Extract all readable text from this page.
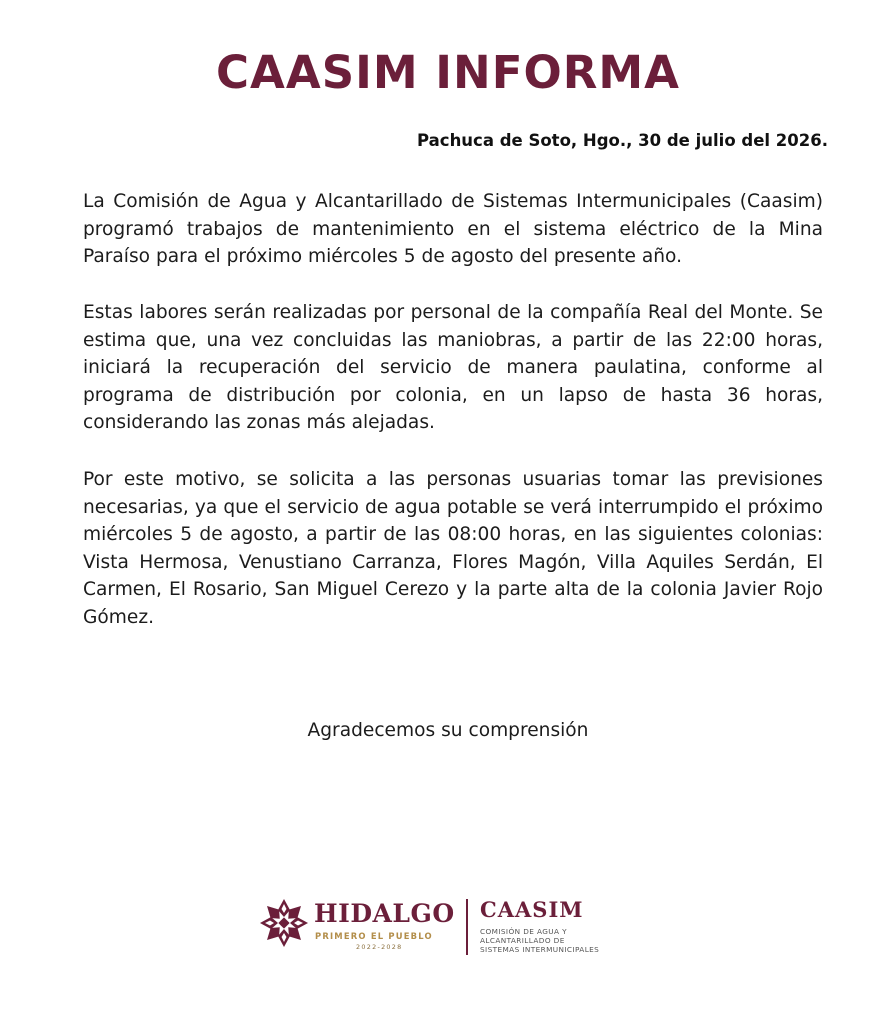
CAASIM INFORMA

Pachuca de Soto, Hgo., 30 de julio del 2026.

La Comisión de Agua y Alcantarillado de Sistemas Intermunicipales (Caasim) programó trabajos de mantenimiento en el sistema eléctrico de la Mina Paraíso para el próximo miércoles 5 de agosto del presente año.

Estas labores serán realizadas por personal de la compañía Real del Monte. Se estima que, una vez concluidas las maniobras, a partir de las 22:00 horas, iniciará la recuperación del servicio de manera paulatina, conforme al programa de distribución por colonia, en un lapso de hasta 36 horas, considerando las zonas más alejadas.

Por este motivo, se solicita a las personas usuarias tomar las previsiones necesarias, ya que el servicio de agua potable se verá interrumpido el próximo miércoles 5 de agosto, a partir de las 08:00 horas, en las siguientes colonias: Vista Hermosa, Venustiano Carranza, Flores Magón, Villa Aquiles Serdán, El Carmen, El Rosario, San Miguel Cerezo y la parte alta de la colonia Javier Rojo Gómez.

Agradecemos su comprensión

HIDALGO

PRIMERO EL PUEBLO

2022-2028

CAASIM

COMISIÓN DE AGUA Y

ALCANTARILLADO DE

SISTEMAS INTERMUNICIPALES
